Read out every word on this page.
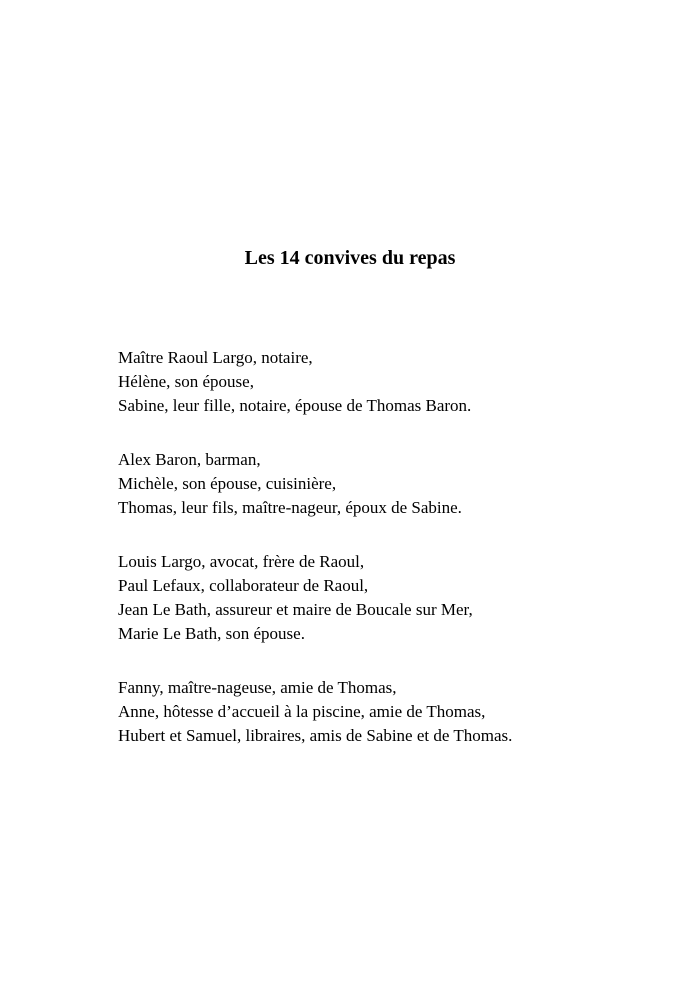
Les 14 convives du repas
Maître Raoul Largo, notaire,
Hélène, son épouse,
Sabine, leur fille, notaire, épouse de Thomas Baron.
Alex Baron, barman,
Michèle, son épouse, cuisinière,
Thomas, leur fils, maître-nageur, époux de Sabine.
Louis Largo, avocat, frère de Raoul,
Paul Lefaux, collaborateur de Raoul,
Jean Le Bath, assureur et maire de Boucale sur Mer,
Marie Le Bath, son épouse.
Fanny, maître-nageuse, amie de Thomas,
Anne, hôtesse d’accueil à la piscine, amie de Thomas,
Hubert et Samuel, libraires, amis de Sabine et de Thomas.
